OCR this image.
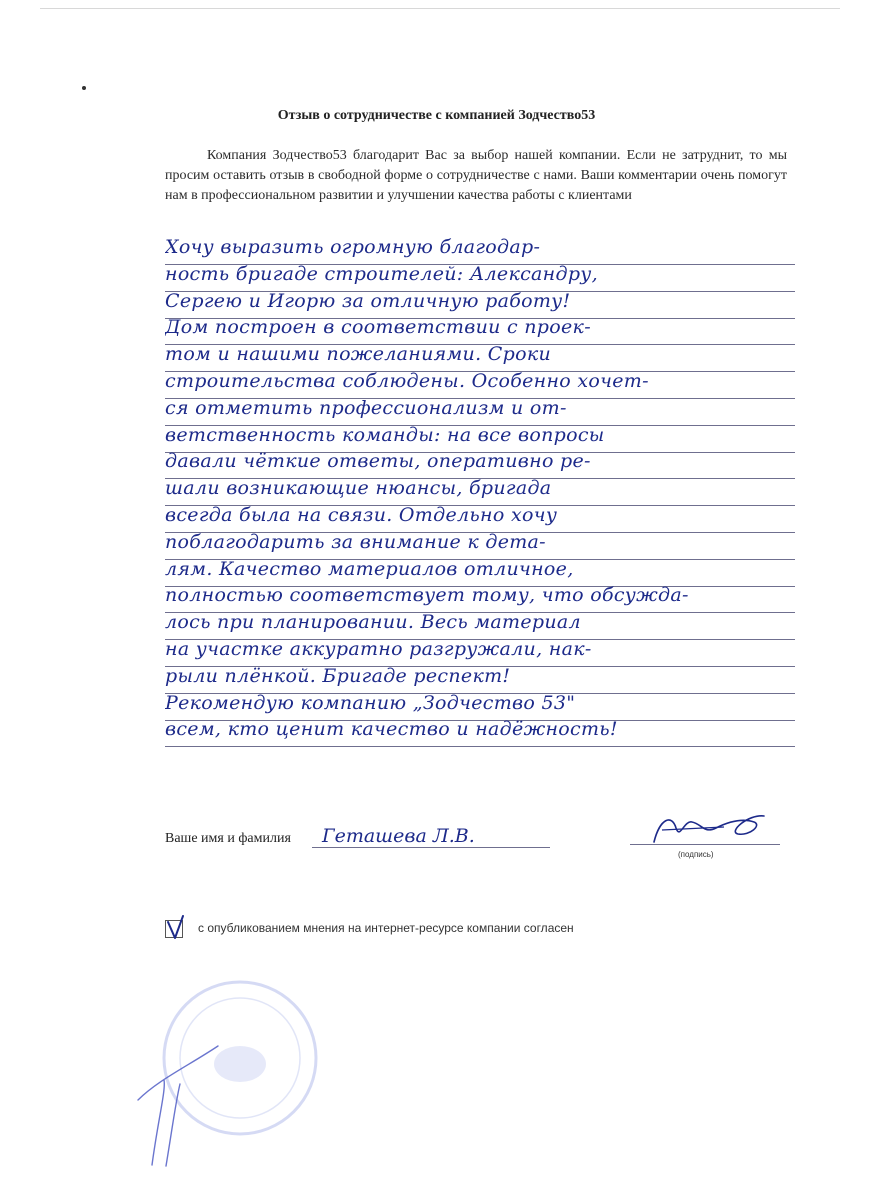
Отзыв о сотрудничестве с компанией Зодчество53

Компания Зодчество53 благодарит Вас за выбор нашей компании. Если не затруднит, то мы просим оставить отзыв в свободной форме о сотрудничестве с нами. Ваши комментарии очень помогут нам в профессиональном развитии и улучшении качества работы с клиентами

Хочу выразить огромную благодар-
ность бригаде строителей: Александру,
Сергею и Игорю за отличную работу!
Дом построен в соответствии с проек-
том и нашими пожеланиями. Сроки
строительства соблюдены. Особенно хочет-
ся отметить профессионализм и от-
ветственность команды: на все вопросы
давали чёткие ответы, оперативно ре-
шали возникающие нюансы, бригада
всегда была на связи. Отдельно хочу
поблагодарить за внимание к дета-
лям. Качество материалов отличное,
полностью соответствует тому, что обсужда-
лось при планировании. Весь материал
на участке аккуратно разгружали, нак-
рыли плёнкой. Бригаде респект!
Рекомендую компанию „Зодчество 53"
всем, кто ценит качество и надёжность!
Ваше имя и фамилия	Геташева Л.В.
(подпись)
с опубликованием мнения на интернет-ресурсе компании согласен
